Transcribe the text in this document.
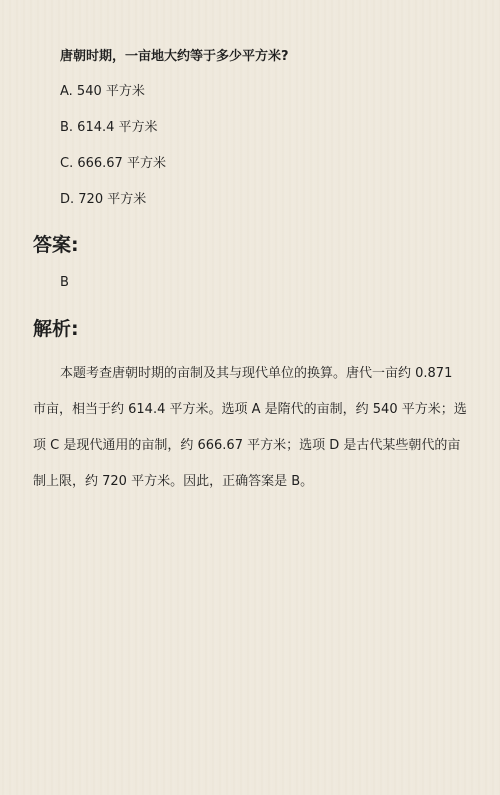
唐朝时期，一亩地大约等于多少平方米?
A. 540 平方米
B. 614.4 平方米
C. 666.67 平方米
D. 720 平方米
答案:
B
解析:

本题考查唐朝时期的亩制及其与现代单位的换算。唐代一亩约 0.871 市亩，相当于约 614.4 平方米。选项 A 是隋代的亩制，约 540 平方米；选项 C 是现代通用的亩制，约 666.67 平方米；选项 D 是古代某些朝代的亩制上限，约 720 平方米。因此，正确答案是 B。
